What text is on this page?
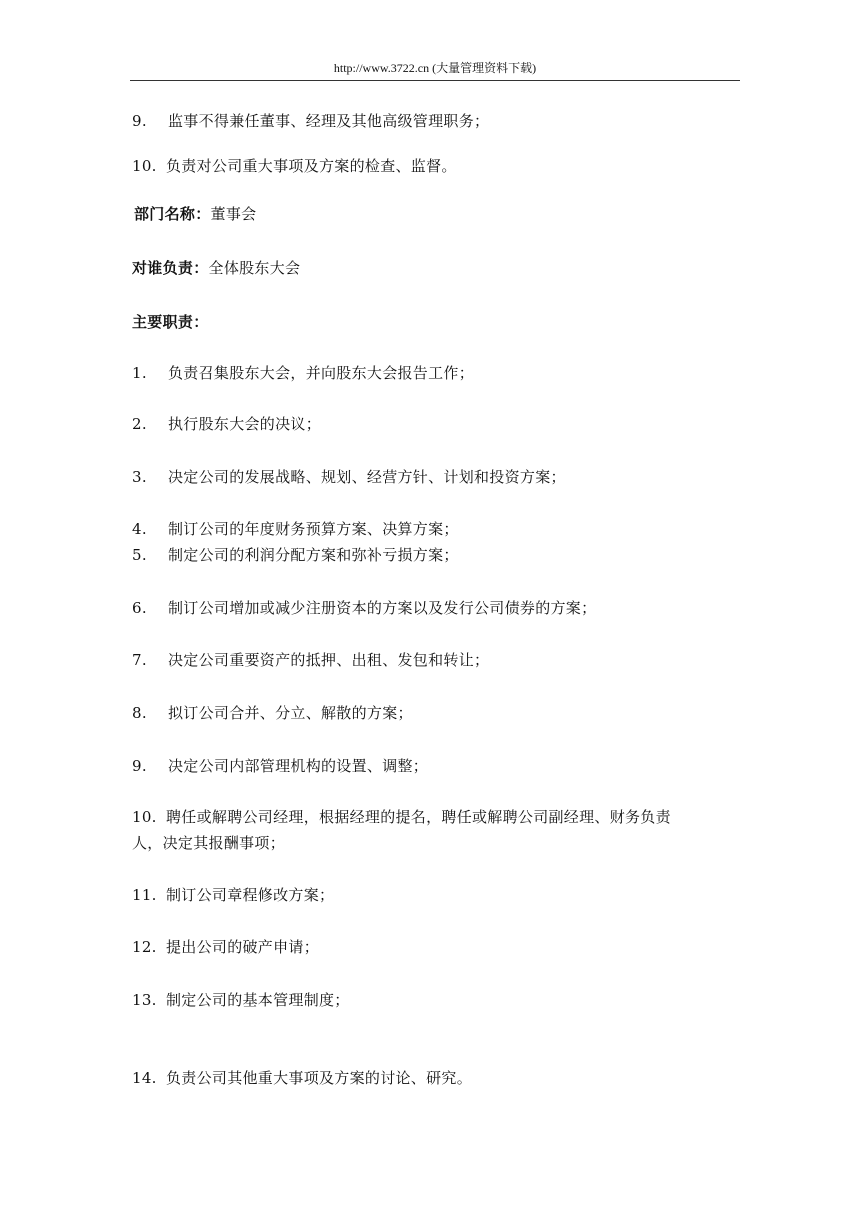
http://www.3722.cn (大量管理资料下载)
9. 监事不得兼任董事、经理及其他高级管理职务；
10. 负责对公司重大事项及方案的检查、监督。
部门名称：董事会
对谁负责：全体股东大会
主要职责：
1. 负责召集股东大会，并向股东大会报告工作；
2. 执行股东大会的决议；
3. 决定公司的发展战略、规划、经营方针、计划和投资方案；
4. 制订公司的年度财务预算方案、决算方案；
5. 制定公司的利润分配方案和弥补亏损方案；
6. 制订公司增加或减少注册资本的方案以及发行公司债券的方案；
7. 决定公司重要资产的抵押、出租、发包和转让；
8. 拟订公司合并、分立、解散的方案；
9. 决定公司内部管理机构的设置、调整；
10. 聘任或解聘公司经理，根据经理的提名，聘任或解聘公司副经理、财务负责
人，决定其报酬事项；
11. 制订公司章程修改方案；
12. 提出公司的破产申请；
13. 制定公司的基本管理制度；
14. 负责公司其他重大事项及方案的讨论、研究。
